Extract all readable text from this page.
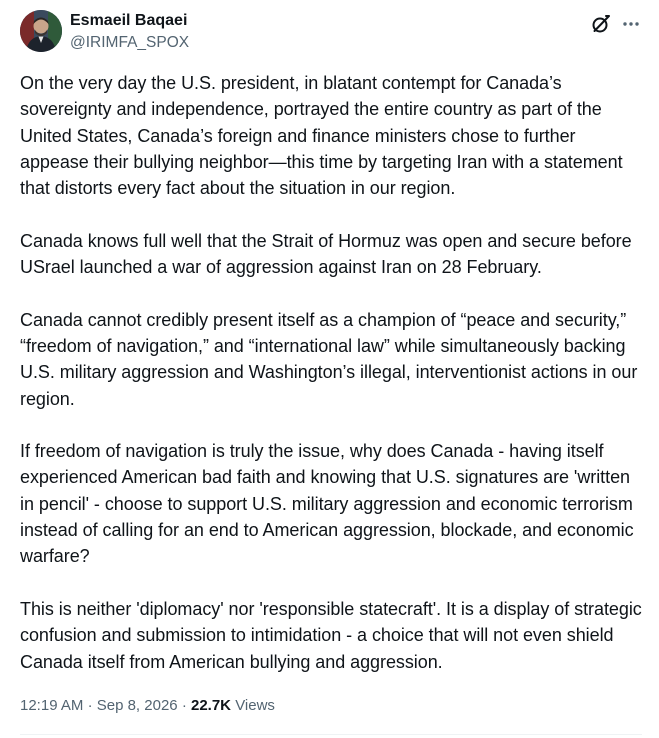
Esmaeil Baqaei
@IRIMFA_SPOX

On the very day the U.S. president, in blatant contempt for Canada’s sovereignty and independence, portrayed the entire country as part of the United States, Canada’s foreign and finance ministers chose to further appease their bullying neighbor—this time by targeting Iran with a statement that distorts every fact about the situation in our region.

Canada knows full well that the Strait of Hormuz was open and secure before USrael launched a war of aggression against Iran on 28 February.

Canada cannot credibly present itself as a champion of “peace and security,” “freedom of navigation,” and “international law” while simultaneously backing U.S. military aggression and Washington’s illegal, interventionist actions in our region.

If freedom of navigation is truly the issue, why does Canada - having itself experienced American bad faith and knowing that U.S. signatures are 'written in pencil' - choose to support U.S. military aggression and economic terrorism instead of calling for an end to American aggression, blockade, and economic warfare?

This is neither 'diplomacy' nor 'responsible statecraft'. It is a display of strategic confusion and submission to intimidation - a choice that will not even shield Canada itself from American bullying and aggression.

12:19 AM · Sep 8, 2026 · 22.7K Views
